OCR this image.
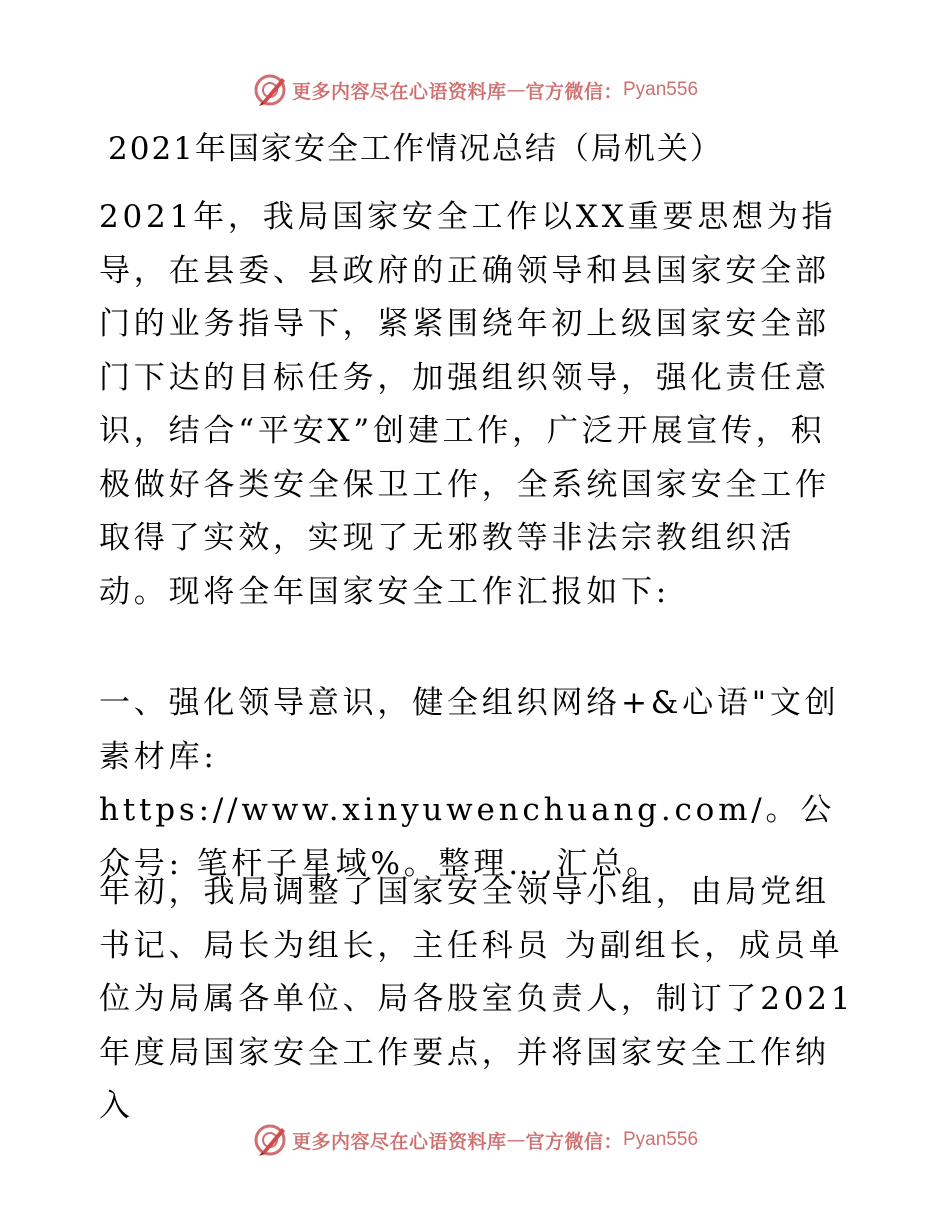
更多内容尽在心语资料库 — 官方微信： Pyan556
2021年国家安全工作情况总结（局机关）

2021年，我局国家安全工作以XX重要思想为指导，在县委、县政府的正确领导和县国家安全部门的业务指导下，紧紧围绕年初上级国家安全部门下达的目标任务，加强组织领导，强化责任意识，结合“平安X”创建工作，广泛开展宣传，积极做好各类安全保卫工作，全系统国家安全工作取得了实效，实现了无邪教等非法宗教组织活动。现将全年国家安全工作汇报如下:

一、强化领导意识，健全组织网络+&心语"文创素材库: https://www.xinyuwenchuang.com/。公众号: 笔杆子星域%。整理…,汇总。

年初，我局调整了国家安全领导小组，由局党组书记、局长为组长，主任科员 为副组长，成员单位为局属各单位、局各股室负责人，制订了2021年度局国家安全工作要点，并将国家安全工作纳入

更多内容尽在心语资料库 — 官方微信： Pyan556
